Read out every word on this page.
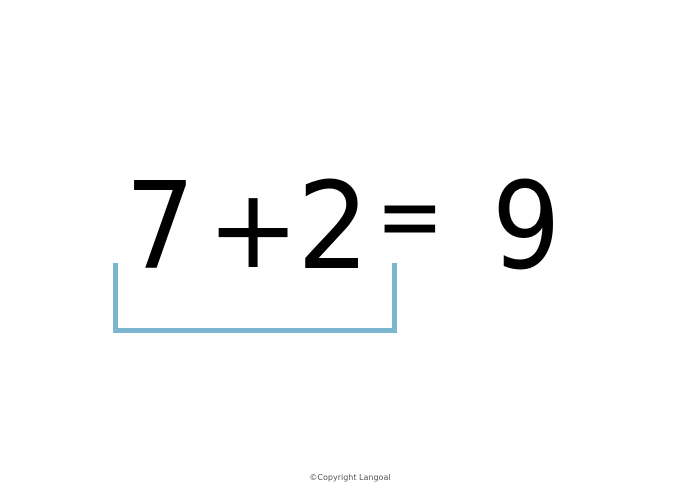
7 +
2 = 9
©Copyright Langoal
